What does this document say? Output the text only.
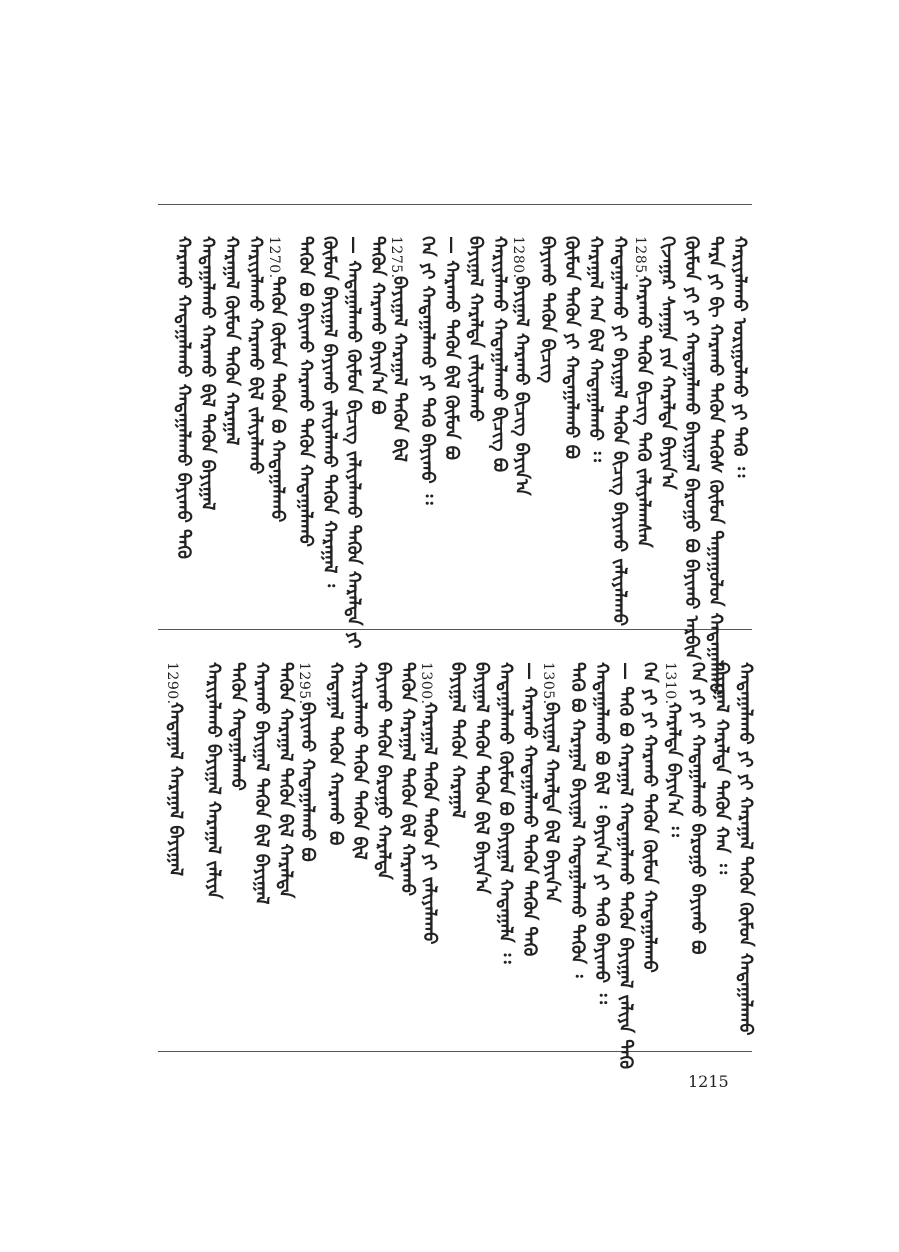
1285.
1280.
1275.
1270.	ᠬᠠᠷᠢᠶᠠᠯᠠᠬᠤ ᠣᠷᠢᠭᠤᠯᠬᠤ ᠶᠢ ᠲᠡᠬᠦ ᠄᠄
ᠲᠡᠷᠡ ᠶᠢ ᠪᠢ ᠬᠠᠷᠠᠬᠤ ᠲᠡᠭᠦᠨ ᠲᠡᠭᠦᠰ ᠬᠦᠮᠦᠨ ᠳᠠᠭᠠᠭᠤᠯᠤᠨ ᠬᠠᠳᠠᠭᠠᠯᠠᠬᠤ
ᠬᠦᠮᠦᠨ ᠶᠢ ᠶᠢ ᠬᠠᠳᠠᠭᠠᠯᠠᠬᠤ ᠪᠠᠶᠢᠭᠠᠯ ᠪᠠᠷᠤᠭᠤ ᠪᠣ ᠪᠠᠶᠢᠬᠤ ᠠᠷᠪᠢᠨ
ᠬᠢᠵᠠᠭᠠᠷ ᠰᠠᠨᠠᠭᠠ ᠶᠢᠨ ᠬᠠᠷᠠᠯᠲᠠ ᠪᠠᠶᠢᠨ᠎ᠠ
ᠬᠠᠷᠠᠬᠤ ᠲᠡᠭᠦᠨ ᠪᠢᠴᠢᠭ ᠲᠡᠬᠦ ᠵᠠᠯᠢᠶᠠᠯᠠᠭᠰᠠᠨ
ᠬᠠᠳᠠᠭᠠᠯᠠᠬᠤ ᠶᠢ ᠪᠠᠶᠢᠭᠠᠯ ᠲᠡᠭᠦᠨ ᠪᠢᠴᠢᠭ ᠪᠠᠶᠢᠬᠤ ᠵᠠᠯᠢᠶᠠᠯᠠᠬᠤ
ᠬᠠᠷᠠᠭᠠᠯ ᠬᠠᠨ ᠪᠢᠯ ᠬᠠᠳᠠᠭᠠᠯᠠᠬᠤ ᠄᠄
ᠬᠦᠮᠦᠨ ᠲᠡᠭᠦᠨ ᠶᠢ ᠬᠠᠳᠠᠭᠠᠯᠠᠬᠤ ᠪᠣ
ᠪᠠᠶᠢᠬᠤ ᠲᠡᠭᠦᠨ ᠪᠢᠴᠢᠭ
ᠪᠠᠶᠢᠭᠠᠯ ᠬᠠᠷᠠᠬᠤ ᠪᠢᠴᠢᠭ ᠪᠠᠶᠢᠨ᠎ᠠ
ᠬᠠᠷᠢᠶᠠᠯᠠᠬᠤ ᠬᠠᠳᠠᠭᠠᠯᠠᠬᠤ ᠪᠢᠴᠢᠭ ᠪᠣ
ᠪᠠᠶᠢᠭᠠᠯ ᠬᠠᠷᠠᠯᠲᠠ ᠵᠠᠯᠢᠶᠠᠯᠠᠬᠤ
— ᠬᠠᠷᠠᠬᠤ ᠲᠡᠭᠦᠨ ᠪᠢᠯ ᠬᠦᠮᠦᠨ ᠪᠣ
ᠬᠡᠨ ᠶᠢ ᠬᠠᠳᠠᠭᠠᠯᠠᠬᠤ ᠶᠢ ᠲᠡᠬᠦ ᠪᠠᠶᠢᠬᠤ ᠄᠄
ᠪᠠᠶᠢᠭᠠᠯ ᠬᠠᠷᠠᠭᠠᠯ ᠲᠡᠭᠦᠨ ᠪᠢᠯ
ᠲᠡᠭᠦᠨ ᠬᠠᠷᠠᠬᠤ ᠪᠠᠶᠢᠨ᠎ᠠ ᠪᠣ
— ᠬᠠᠳᠠᠭᠠᠯᠠᠬᠤ ᠬᠦᠮᠦᠨ ᠪᠢᠴᠢᠭ ᠵᠠᠯᠢᠶᠠᠯᠠᠬᠤ ᠲᠡᠭᠦᠨ ᠬᠠᠷᠠᠯᠲᠠ ᠶᠢ
ᠬᠦᠮᠦᠨ ᠪᠠᠶᠢᠭᠠᠯ ᠪᠠᠶᠢᠬᠤ ᠵᠠᠯᠢᠶᠠᠯᠠᠬᠤ ᠲᠡᠭᠦᠨ ᠬᠠᠷᠠᠭᠠᠯ ᠄
ᠲᠡᠭᠦᠨ ᠪᠣ ᠪᠠᠶᠢᠬᠤ ᠬᠠᠷᠠᠬᠤ ᠲᠡᠭᠦᠨ ᠬᠠᠳᠠᠭᠠᠯᠠᠬᠤ
ᠲᠡᠭᠦᠨ ᠬᠦᠮᠦᠨ ᠲᠡᠭᠦᠨ ᠪᠣ ᠬᠠᠳᠠᠭᠠᠯᠠᠬᠤ
ᠬᠠᠷᠢᠶᠠᠯᠠᠬᠤ ᠬᠠᠷᠠᠬᠤ ᠪᠢᠯ ᠵᠠᠯᠢᠶᠠᠯᠠᠬᠤ
ᠬᠠᠷᠠᠭᠠᠯ ᠬᠦᠮᠦᠨ ᠲᠡᠭᠦᠨ ᠬᠠᠷᠠᠭᠠᠯ
ᠬᠠᠳᠠᠭᠠᠯᠠᠬᠤ ᠬᠠᠷᠠᠬᠤ ᠪᠢᠯ ᠲᠡᠭᠦᠨ ᠪᠠᠶᠢᠭᠠᠯ
ᠬᠠᠷᠠᠬᠤ ᠬᠠᠳᠠᠭᠠᠯᠠᠬᠤ ᠬᠠᠳᠠᠭᠠᠯᠠᠬᠤ ᠪᠠᠶᠢᠬᠤ ᠲᠡᠬᠦ
1310.
1305.
1300.
1295.
1290.	ᠬᠠᠳᠠᠭᠠᠯᠠᠬᠤ ᠶᠢ ᠶᠢ ᠬᠠᠷᠠᠭᠠᠯ ᠲᠡᠭᠦᠨ ᠬᠦᠮᠦᠨ ᠬᠠᠳᠠᠭᠠᠯᠠᠬᠤ
ᠪᠠᠶᠢᠭᠠᠯ ᠬᠠᠷᠠᠯᠲᠠ ᠲᠡᠭᠦᠨ ᠬᠠᠨ ᠄᠄
ᠬᠡᠨ ᠶᠢ ᠶᠢ ᠬᠠᠳᠠᠭᠠᠯᠠᠬᠤ ᠪᠠᠷᠤᠭᠤ ᠪᠠᠶᠢᠬᠤ ᠪᠣ
ᠬᠠᠷᠠᠯᠲᠠ ᠪᠠᠶᠢᠨ᠎ᠠ ᠄᠄
ᠬᠡᠨ ᠶᠢ ᠶᠢ ᠬᠠᠷᠠᠬᠤ ᠲᠡᠭᠦᠨ ᠬᠦᠮᠦᠨ ᠬᠠᠳᠠᠭᠠᠯᠠᠬᠤ
— ᠲᠡᠬᠦ ᠪᠣ ᠬᠠᠷᠠᠭᠠᠯ ᠬᠠᠳᠠᠭᠠᠯᠠᠬᠤ ᠲᠡᠭᠦᠨ ᠪᠠᠶᠢᠭᠠᠯ ᠵᠠᠯᠢᠶᠠ ᠲᠡᠬᠦ
ᠬᠠᠳᠠᠭᠠᠯᠠᠬᠤ ᠪᠣ ᠪᠢᠯ ᠄ ᠪᠠᠶᠢᠨ᠎ᠠ ᠶᠢ ᠲᠡᠬᠦ ᠪᠠᠶᠢᠬᠤ ᠄᠄
ᠲᠡᠬᠦ ᠪᠣ ᠬᠠᠷᠠᠭᠠᠯ ᠪᠠᠶᠢᠭᠠᠯ ᠬᠠᠳᠠᠭᠠᠯᠠᠬᠤ ᠲᠡᠭᠦᠨ ᠄
ᠪᠠᠶᠢᠭᠠᠯ ᠬᠠᠷᠠᠯᠲᠠ ᠪᠢᠯ ᠪᠠᠶᠢᠨ᠎ᠠ
— ᠬᠠᠷᠠᠬᠤ ᠬᠠᠳᠠᠭᠠᠯᠠᠬᠤ ᠲᠡᠭᠦᠨ ᠲᠡᠭᠦᠨ ᠲᠡᠬᠦ
ᠬᠠᠳᠠᠭᠠᠯᠠᠬᠤ ᠬᠦᠮᠦᠨ ᠪᠣ ᠪᠠᠶᠢᠭᠠᠯ ᠬᠠᠳᠠᠭᠠᠯᠠ ᠄᠄
ᠪᠠᠶᠢᠭᠠᠯ ᠲᠡᠭᠦᠨ ᠲᠡᠭᠦᠨ ᠪᠢᠯ ᠪᠠᠶᠢᠨ᠎ᠠ
ᠪᠠᠶᠢᠭᠠᠯ ᠲᠡᠭᠦᠨ ᠬᠠᠷᠠᠭᠠᠯ
ᠬᠠᠷᠠᠭᠠᠯ ᠲᠡᠭᠦᠨ ᠲᠡᠭᠦᠨ ᠶᠢ ᠵᠠᠯᠢᠶᠠᠯᠠᠬᠤ
ᠲᠡᠭᠦᠨ ᠬᠠᠷᠠᠭᠠᠯ ᠲᠡᠭᠦᠨ ᠪᠢᠯ ᠬᠠᠷᠠᠬᠤ
ᠪᠠᠶᠢᠬᠤ ᠲᠡᠭᠦᠨ ᠪᠠᠷᠤᠭᠤ ᠬᠠᠷᠠᠯᠲᠠ
ᠬᠠᠷᠢᠶᠠᠯᠠᠬᠤ ᠲᠡᠭᠦᠨ ᠲᠡᠭᠦᠨ ᠪᠢᠯ
ᠬᠠᠳᠠᠭᠠᠯ ᠲᠡᠭᠦᠨ ᠬᠠᠷᠠᠬᠤ ᠪᠣ
ᠪᠠᠶᠢᠬᠤ ᠬᠠᠳᠠᠭᠠᠯᠠᠬᠤ ᠪᠣ
ᠲᠡᠭᠦᠨ ᠬᠠᠷᠠᠭᠠᠯ ᠲᠡᠭᠦᠨ ᠪᠢᠯ ᠬᠠᠷᠠᠯᠲᠠ
ᠬᠠᠷᠠᠬᠤ ᠪᠠᠶᠢᠭᠠᠯ ᠲᠡᠭᠦᠨ ᠪᠢᠯ ᠪᠠᠶᠢᠭᠠᠯ
ᠲᠡᠭᠦᠨ ᠬᠠᠳᠠᠭᠠᠯᠠᠬᠤ
ᠬᠠᠷᠢᠶᠠᠯᠠᠬᠤ ᠪᠠᠶᠢᠭᠠᠯ ᠬᠠᠷᠠᠭᠠᠯ ᠵᠠᠯᠢᠶᠠ
ᠬᠠᠳᠠᠭᠠᠯ ᠬᠠᠷᠠᠭᠠᠯ ᠪᠠᠶᠢᠭᠠᠯ
1215
